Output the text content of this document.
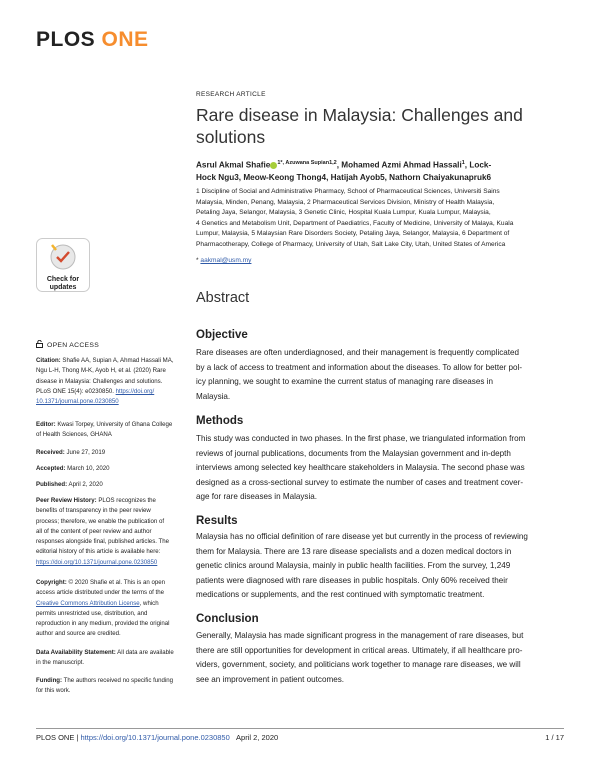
PLOS ONE
RESEARCH ARTICLE
Rare disease in Malaysia: Challenges and solutions
Asrul Akmal Shafie $^{1*, Azuwana Supian1,2}$, Mohamed Azmi Ahmad Hassali$^1$, Lock-
Hock Ngu3, Meow-Keong Thong4, Hatijah Ayob5, Nathorn Chaiyakunapruk6
1 Discipline of Social and Administrative Pharmacy, School of Pharmaceutical Sciences, Universiti Sains
Malaysia, Minden, Penang, Malaysia, 2 Pharmaceutical Services Division, Ministry of Health Malaysia,
Petaling Jaya, Selangor, Malaysia, 3 Genetic Clinic, Hospital Kuala Lumpur, Kuala Lumpur, Malaysia,
4 Genetics and Metabolism Unit, Department of Paediatrics, Faculty of Medicine, University of Malaya, Kuala
Lumpur, Malaysia, 5 Malaysian Rare Disorders Society, Petaling Jaya, Selangor, Malaysia, 6 Department of
Pharmacotherapy, College of Pharmacy, University of Utah, Salt Lake City, Utah, United States of America
* aakmal@usm.my
Abstract
Objective
Rare diseases are often underdiagnosed, and their management is frequently complicated
by a lack of access to treatment and information about the diseases. To allow for better pol-
icy planning, we sought to examine the current status of managing rare diseases in
Malaysia.
Methods
This study was conducted in two phases. In the first phase, we triangulated information from
reviews of journal publications, documents from the Malaysian government and in-depth
interviews among selected key healthcare stakeholders in Malaysia. The second phase was
designed as a cross-sectional survey to estimate the number of cases and treatment cover-
age for rare diseases in Malaysia.
Results
Malaysia has no official definition of rare disease yet but currently in the process of reviewing
them for Malaysia. There are 13 rare disease specialists and a dozen medical doctors in
genetic clinics around Malaysia, mainly in public health facilities. From the survey, 1,249
patients were diagnosed with rare diseases in public hospitals. Only 60% received their
medications or supplements, and the rest continued with symptomatic treatment.
Conclusion
Generally, Malaysia has made significant progress in the management of rare diseases, but
there are still opportunities for development in critical areas. Ultimately, if all healthcare pro-
viders, government, society, and politicians work together to manage rare diseases, we will
see an improvement in patient outcomes.
Check for
updates
OPEN ACCESS
Citation: Shafie AA, Supian A, Ahmad Hassali MA,
Ngu L-H, Thong M-K, Ayob H, et al. (2020) Rare
disease in Malaysia: Challenges and solutions.
PLoS ONE 15(4): e0230850. https://doi.org/
10.1371/journal.pone.0230850
Editor: Kwasi Torpey, University of Ghana College
of Health Sciences, GHANA
Received: June 27, 2019
Accepted: March 10, 2020
Published: April 2, 2020
Peer Review History: PLOS recognizes the
benefits of transparency in the peer review
process; therefore, we enable the publication of
all of the content of peer review and author
responses alongside final, published articles. The
editorial history of this article is available here:
https://doi.org/10.1371/journal.pone.0230850
Copyright: © 2020 Shafie et al. This is an open
access article distributed under the terms of the
Creative Commons Attribution License, which
permits unrestricted use, distribution, and
reproduction in any medium, provided the original
author and source are credited.
Data Availability Statement: All data are available
in the manuscript.
Funding: The authors received no specific funding
for this work.
PLOS ONE | https://doi.org/10.1371/journal.pone.0230850 April 2, 2020	1 / 17
